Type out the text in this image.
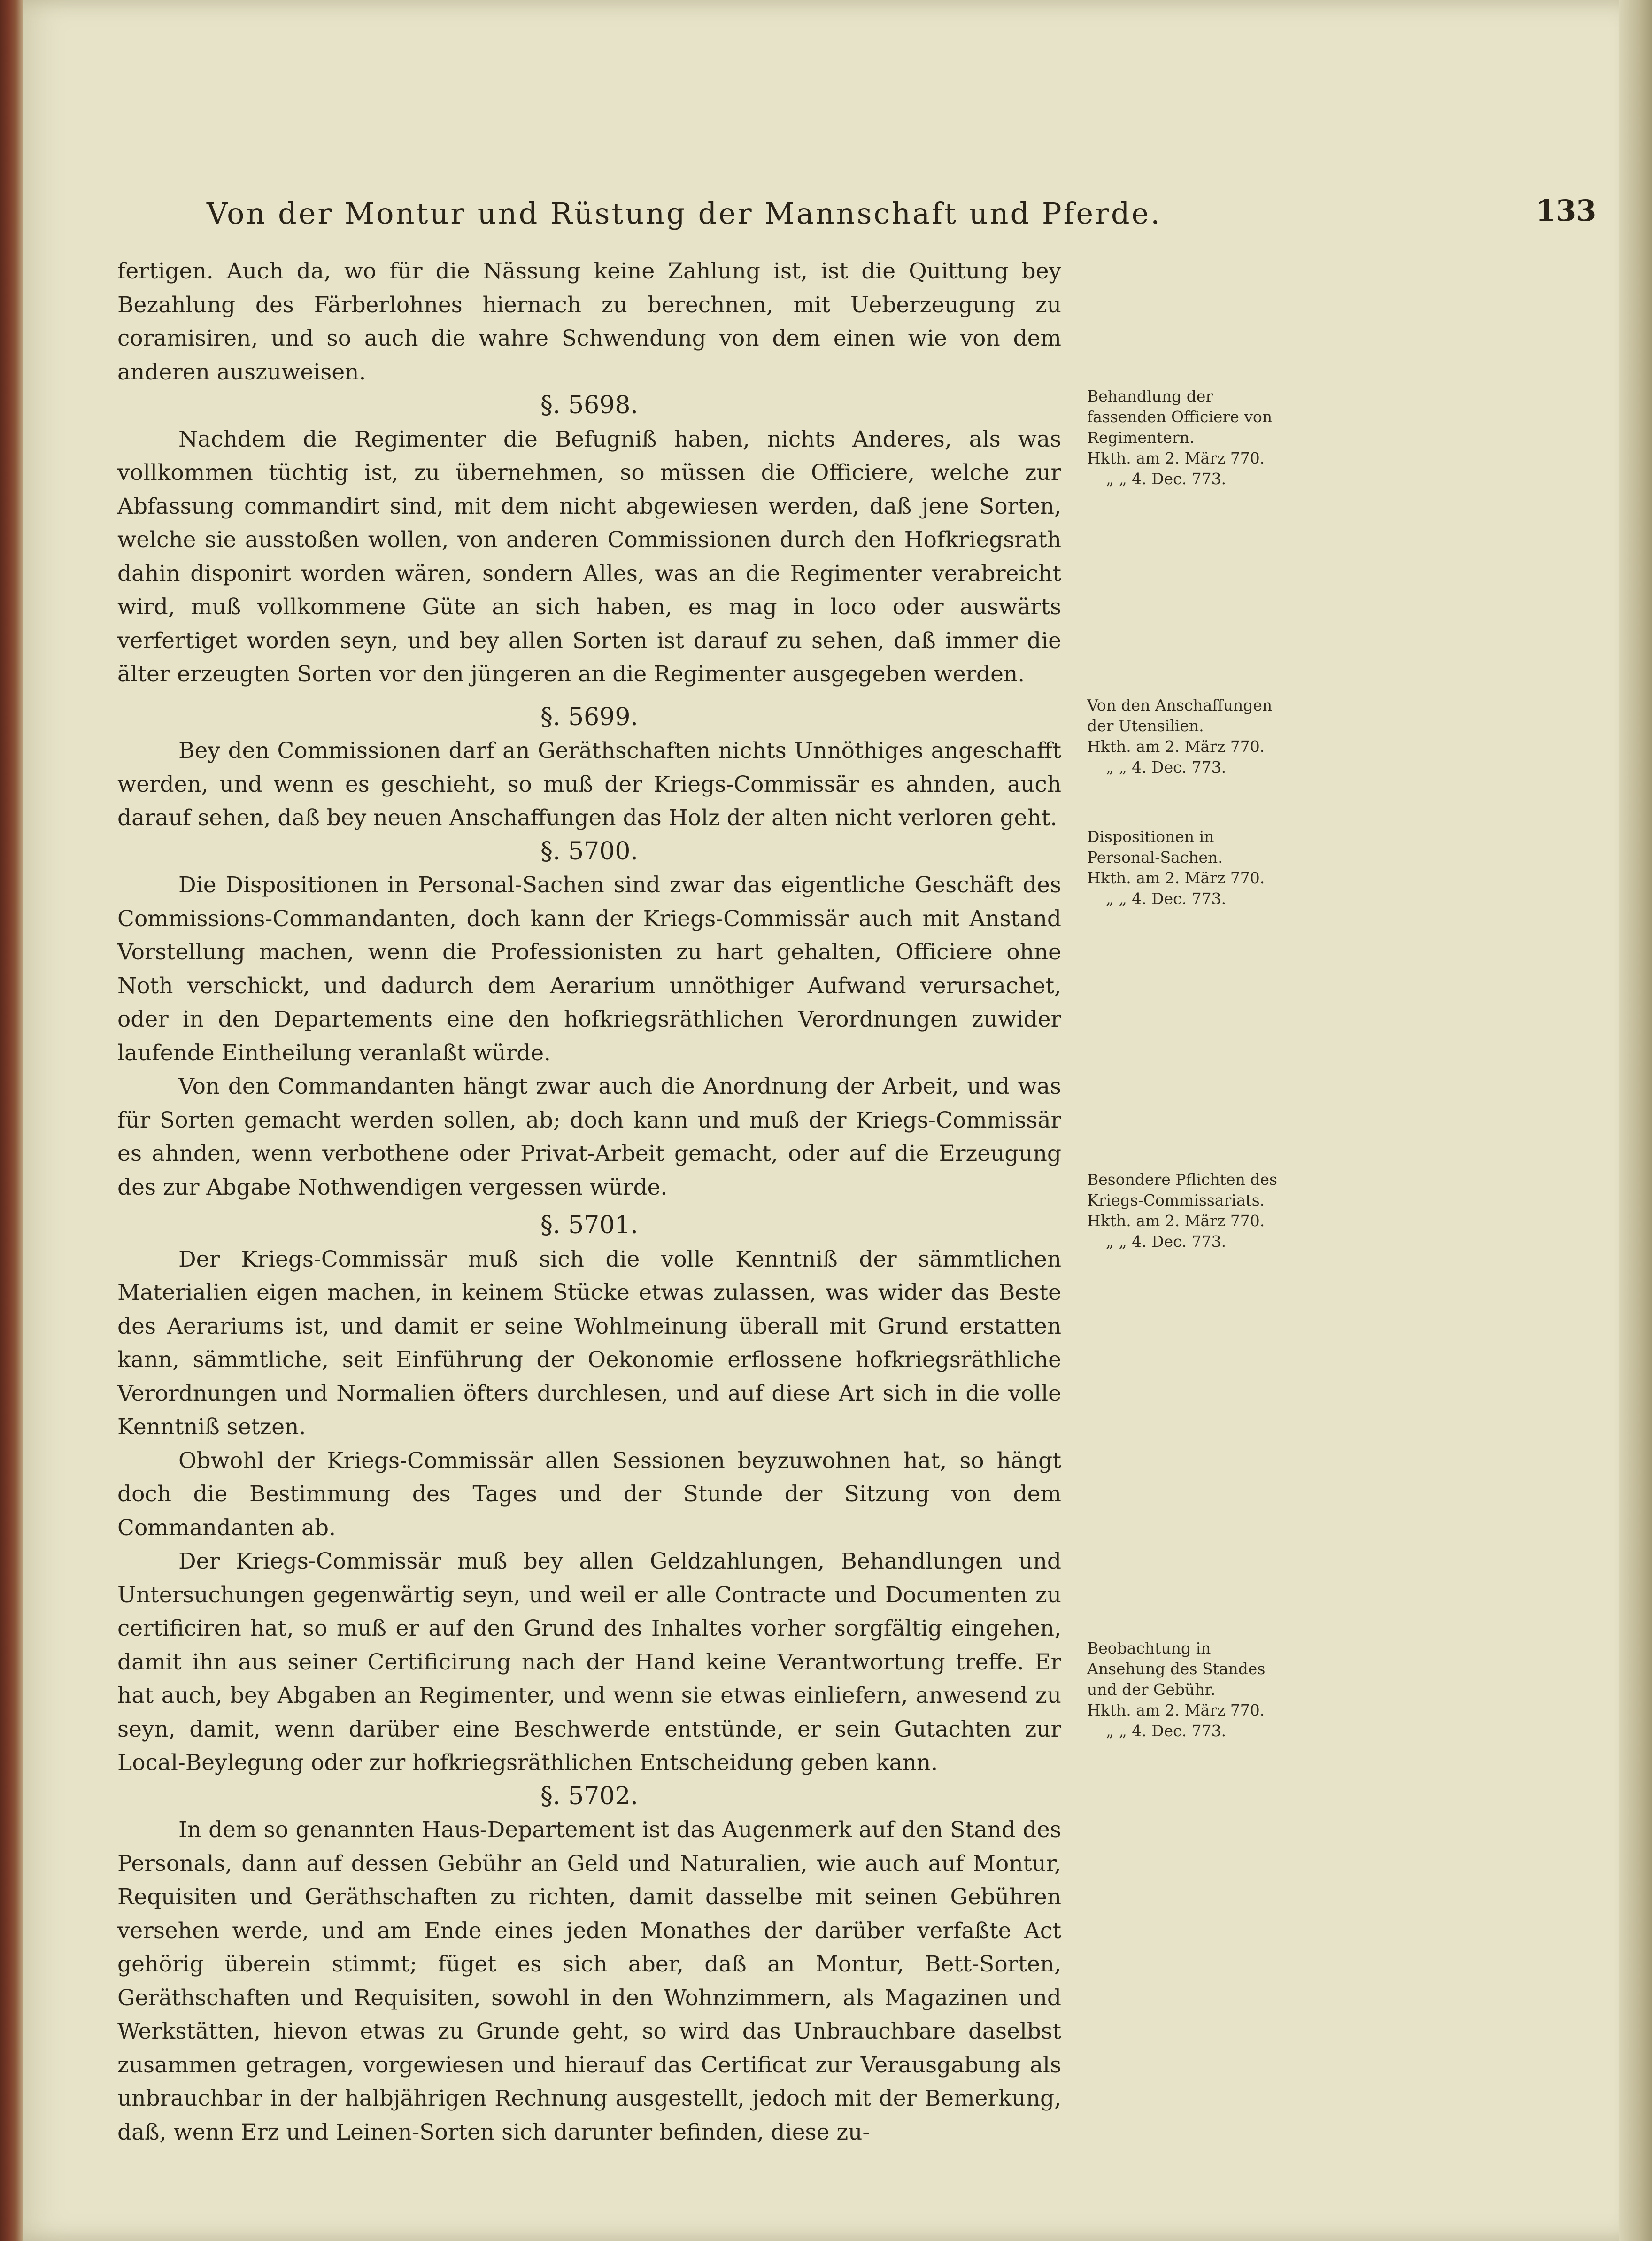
Von der Montur und Rüstung der Mannschaft und Pferde.	133

fertigen. Auch da, wo für die Nässung keine Zahlung ist, ist die Quittung bey Bezahlung des Färberlohnes hiernach zu berechnen, mit Ueberzeugung zu coramisiren, und so auch die wahre Schwendung von dem einen wie von dem anderen auszuweisen.

§. 5698.

Nachdem die Regimenter die Befugniß haben, nichts Anderes, als was vollkommen tüchtig ist, zu übernehmen, so müssen die Officiere, welche zur Abfassung commandirt sind, mit dem nicht abgewiesen werden, daß jene Sorten, welche sie ausstoßen wollen, von anderen Commissionen durch den Hofkriegsrath dahin disponirt worden wären, sondern Alles, was an die Regimenter verabreicht wird, muß vollkommene Güte an sich haben, es mag in loco oder auswärts verfertiget worden seyn, und bey allen Sorten ist darauf zu sehen, daß immer die älter erzeugten Sorten vor den jüngeren an die Regimenter ausgegeben werden.

§. 5699.

Bey den Commissionen darf an Geräthschaften nichts Unnöthiges angeschafft werden, und wenn es geschieht, so muß der Kriegs-Commissär es ahnden, auch darauf sehen, daß bey neuen Anschaffungen das Holz der alten nicht verloren geht.

§. 5700.

Die Dispositionen in Personal-Sachen sind zwar das eigentliche Geschäft des Commissions-Commandanten, doch kann der Kriegs-Commissär auch mit Anstand Vorstellung machen, wenn die Professionisten zu hart gehalten, Officiere ohne Noth verschickt, und dadurch dem Aerarium unnöthiger Aufwand verursachet, oder in den Departements eine den hofkriegsräthlichen Verordnungen zuwider laufende Eintheilung veranlaßt würde.

Von den Commandanten hängt zwar auch die Anordnung der Arbeit, und was für Sorten gemacht werden sollen, ab; doch kann und muß der Kriegs-Commissär es ahnden, wenn verbothene oder Privat-Arbeit gemacht, oder auf die Erzeugung des zur Abgabe Nothwendigen vergessen würde.

§. 5701.

Der Kriegs-Commissär muß sich die volle Kenntniß der sämmtlichen Materialien eigen machen, in keinem Stücke etwas zulassen, was wider das Beste des Aerariums ist, und damit er seine Wohlmeinung überall mit Grund erstatten kann, sämmtliche, seit Einführung der Oekonomie erflossene hofkriegsräthliche Verordnungen und Normalien öfters durchlesen, und auf diese Art sich in die volle Kenntniß setzen.

Obwohl der Kriegs-Commissär allen Sessionen beyzuwohnen hat, so hängt doch die Bestimmung des Tages und der Stunde der Sitzung von dem Commandanten ab.

Der Kriegs-Commissär muß bey allen Geldzahlungen, Behandlungen und Untersuchungen gegenwärtig seyn, und weil er alle Contracte und Documenten zu certificiren hat, so muß er auf den Grund des Inhaltes vorher sorgfältig eingehen, damit ihn aus seiner Certificirung nach der Hand keine Verantwortung treffe. Er hat auch, bey Abgaben an Regimenter, und wenn sie etwas einliefern, anwesend zu seyn, damit, wenn darüber eine Beschwerde entstünde, er sein Gutachten zur Local-Beylegung oder zur hofkriegsräthlichen Entscheidung geben kann.

§. 5702.

In dem so genannten Haus-Departement ist das Augenmerk auf den Stand des Personals, dann auf dessen Gebühr an Geld und Naturalien, wie auch auf Montur, Requisiten und Geräthschaften zu richten, damit dasselbe mit seinen Gebühren versehen werde, und am Ende eines jeden Monathes der darüber verfaßte Act gehörig überein stimmt; füget es sich aber, daß an Montur, Bett-Sorten, Geräthschaften und Requisiten, sowohl in den Wohnzimmern, als Magazinen und Werkstätten, hievon etwas zu Grunde geht, so wird das Unbrauchbare daselbst zusammen getragen, vorgewiesen und hierauf das Certificat zur Verausgabung als unbrauchbar in der halbjährigen Rechnung ausgestellt, jedoch mit der Bemerkung, daß, wenn Erz und Leinen-Sorten sich darunter befinden, diese zu-

Behandlung der fassenden Officiere von Regimentern.
Hkth. am 2. März 770.
„ „ 4. Dec. 773.
Von den Anschaffungen der Utensilien.
Hkth. am 2. März 770.
„ „ 4. Dec. 773.
Dispositionen in Personal-Sachen.
Hkth. am 2. März 770.
„ „ 4. Dec. 773.
Besondere Pflichten des Kriegs-Commissariats.
Hkth. am 2. März 770.
„ „ 4. Dec. 773.
Beobachtung in Ansehung des Standes und der Gebühr.
Hkth. am 2. März 770.
„ „ 4. Dec. 773.
